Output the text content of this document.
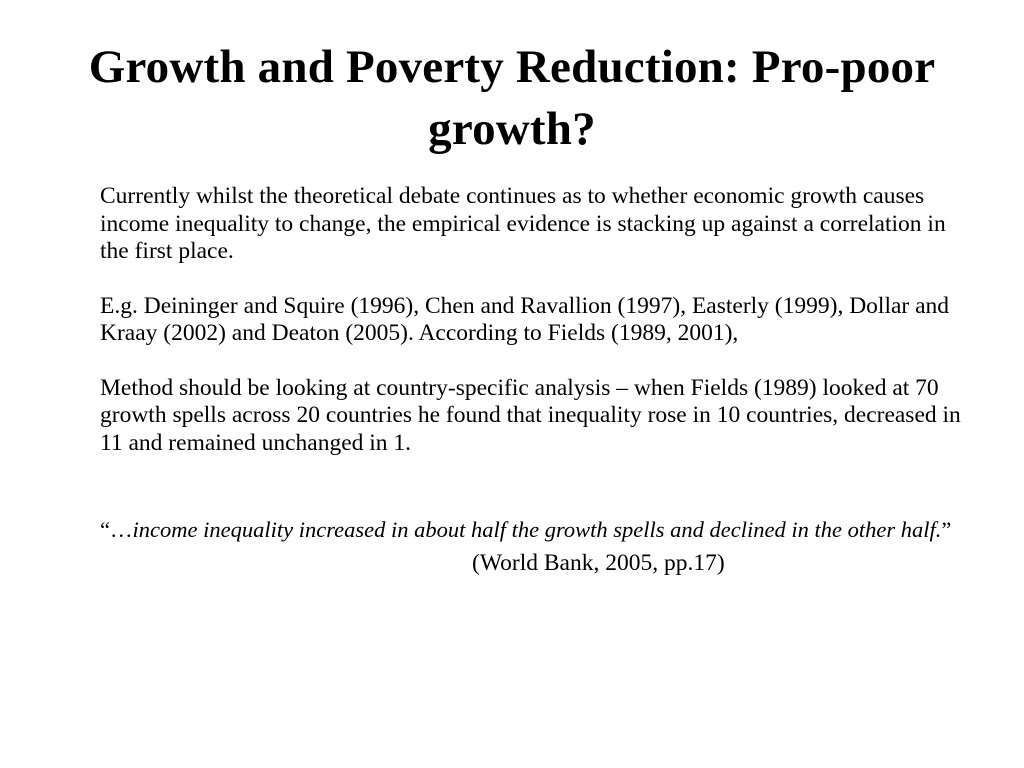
Growth and Poverty Reduction: Pro-poor growth?

Currently whilst the theoretical debate continues as to whether economic growth causes income inequality to change, the empirical evidence is stacking up against a correlation in the first place.

E.g. Deininger and Squire (1996), Chen and Ravallion (1997), Easterly (1999), Dollar and Kraay (2002) and Deaton (2005). According to Fields (1989, 2001),

Method should be looking at country-specific analysis – when Fields (1989) looked at 70 growth spells across 20 countries he found that inequality rose in 10 countries, decreased in 11 and remained unchanged in 1.

“…income inequality increased in about half the growth spells and declined in the other half.”

(World Bank, 2005, pp.17)
